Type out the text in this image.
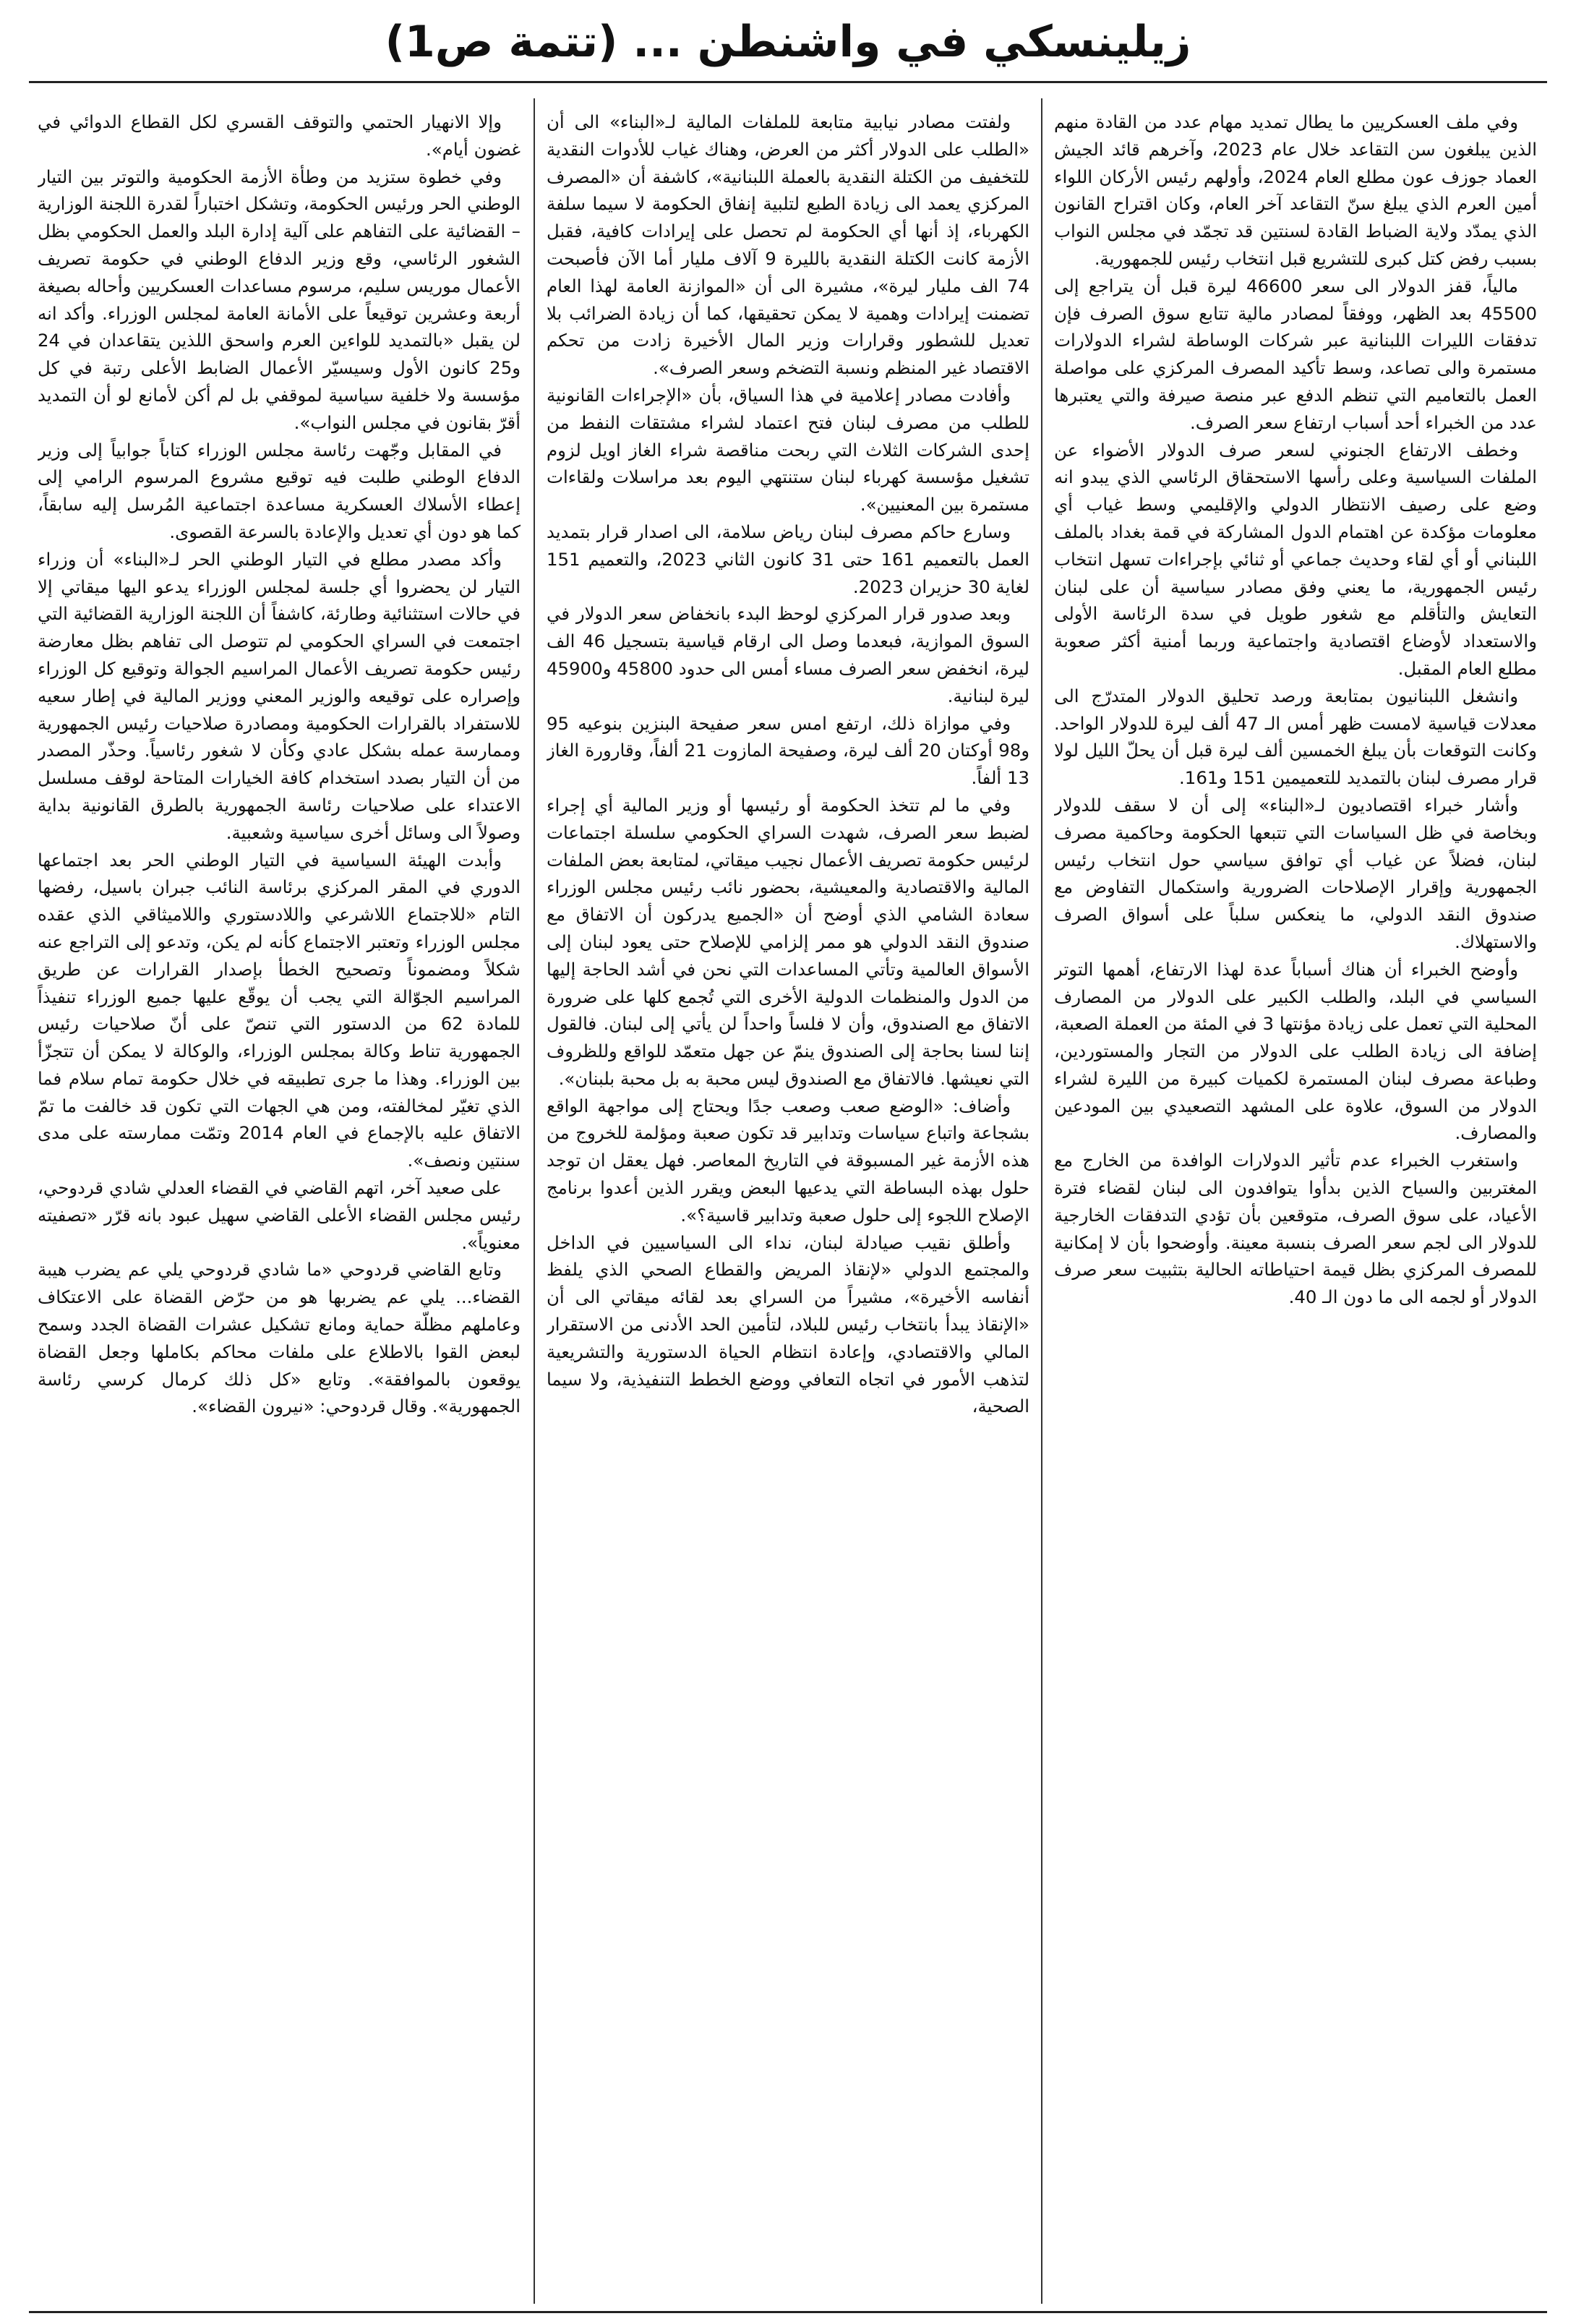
زيلينسكي في واشنطن ... (تتمة ص1)

وفي ملف العسكريين ما يطال تمديد مهام عدد من القادة منهم الذين يبلغون سن التقاعد خلال عام 2023، وآخرهم قائد الجيش العماد جوزف عون مطلع العام 2024، وأولهم رئيس الأركان اللواء أمين العرم الذي يبلغ سنّ التقاعد آخر العام، وكان اقتراح القانون الذي يمدّد ولاية الضباط القادة لسنتين قد تجمّد في مجلس النواب بسبب رفض كتل كبرى للتشريع قبل انتخاب رئيس للجمهورية.

مالياً، قفز الدولار الى سعر 46600 ليرة قبل أن يتراجع إلى 45500 بعد الظهر، ووفقاً لمصادر مالية تتابع سوق الصرف فإن تدفقات الليرات اللبنانية عبر شركات الوساطة لشراء الدولارات مستمرة والى تصاعد، وسط تأكيد المصرف المركزي على مواصلة العمل بالتعاميم التي تنظم الدفع عبر منصة صيرفة والتي يعتبرها عدد من الخبراء أحد أسباب ارتفاع سعر الصرف.

وخطف الارتفاع الجنوني لسعر صرف الدولار الأضواء عن الملفات السياسية وعلى رأسها الاستحقاق الرئاسي الذي يبدو انه وضع على رصيف الانتظار الدولي والإقليمي وسط غياب أي معلومات مؤكدة عن اهتمام الدول المشاركة في قمة بغداد بالملف اللبناني أو أي لقاء وحديث جماعي أو ثنائي بإجراءات تسهل انتخاب رئيس الجمهورية، ما يعني وفق مصادر سياسية أن على لبنان التعايش والتأقلم مع شغور طويل في سدة الرئاسة الأولى والاستعداد لأوضاع اقتصادية واجتماعية وربما أمنية أكثر صعوبة مطلع العام المقبل.

وانشغل اللبنانيون بمتابعة ورصد تحليق الدولار المتدرّج الى معدلات قياسية لامست ظهر أمس الـ 47 ألف ليرة للدولار الواحد. وكانت التوقعات بأن يبلغ الخمسين ألف ليرة قبل أن يحلّ الليل لولا قرار مصرف لبنان بالتمديد للتعميمين 151 و161.

وأشار خبراء اقتصاديون لـ«البناء» إلى أن لا سقف للدولار وبخاصة في ظل السياسات التي تتبعها الحكومة وحاكمية مصرف لبنان، فضلاً عن غياب أي توافق سياسي حول انتخاب رئيس الجمهورية وإقرار الإصلاحات الضرورية واستكمال التفاوض مع صندوق النقد الدولي، ما ينعكس سلباً على أسواق الصرف والاستهلاك.

وأوضح الخبراء أن هناك أسباباً عدة لهذا الارتفاع، أهمها التوتر السياسي في البلد، والطلب الكبير على الدولار من المصارف المحلية التي تعمل على زيادة مؤنتها 3 في المئة من العملة الصعبة، إضافة الى زيادة الطلب على الدولار من التجار والمستوردين، وطباعة مصرف لبنان المستمرة لكميات كبيرة من الليرة لشراء الدولار من السوق، علاوة على المشهد التصعيدي بين المودعين والمصارف.

واستغرب الخبراء عدم تأثير الدولارات الوافدة من الخارج مع المغتربين والسياح الذين بدأوا يتوافدون الى لبنان لقضاء فترة الأعياد، على سوق الصرف، متوقعين بأن تؤدي التدفقات الخارجية للدولار الى لجم سعر الصرف بنسبة معينة. وأوضحوا بأن لا إمكانية للمصرف المركزي بظل قيمة احتياطاته الحالية بتثبيت سعر صرف الدولار أو لجمه الى ما دون الـ 40.

ولفتت مصادر نيابية متابعة للملفات المالية لـ«البناء» الى أن «الطلب على الدولار أكثر من العرض، وهناك غياب للأدوات النقدية للتخفيف من الكتلة النقدية بالعملة اللبنانية»، كاشفة أن «المصرف المركزي يعمد الى زيادة الطبع لتلبية إنفاق الحكومة لا سيما سلفة الكهرباء، إذ أنها أي الحكومة لم تحصل على إيرادات كافية، فقبل الأزمة كانت الكتلة النقدية بالليرة 9 آلاف مليار أما الآن فأصبحت 74 الف مليار ليرة»، مشيرة الى أن «الموازنة العامة لهذا العام تضمنت إيرادات وهمية لا يمكن تحقيقها، كما أن زيادة الضرائب بلا تعديل للشطور وقرارات وزير المال الأخيرة زادت من تحكم الاقتصاد غير المنظم ونسبة التضخم وسعر الصرف».

وأفادت مصادر إعلامية في هذا السياق، بأن «الإجراءات القانونية للطلب من مصرف لبنان فتح اعتماد لشراء مشتقات النفط من إحدى الشركات الثلاث التي ربحت مناقصة شراء الغاز اويل لزوم تشغيل مؤسسة كهرباء لبنان ستنتهي اليوم بعد مراسلات ولقاءات مستمرة بين المعنيين».

وسارع حاكم مصرف لبنان رياض سلامة، الى اصدار قرار بتمديد العمل بالتعميم 161 حتى 31 كانون الثاني 2023، والتعميم 151 لغاية 30 حزيران 2023.

وبعد صدور قرار المركزي لوحظ البدء بانخفاض سعر الدولار في السوق الموازية، فبعدما وصل الى ارقام قياسية بتسجيل 46 الف ليرة، انخفض سعر الصرف مساء أمس الى حدود 45800 و45900 ليرة لبنانية.

وفي موازاة ذلك، ارتفع امس سعر صفيحة البنزين بنوعيه 95 و98 أوكتان 20 ألف ليرة، وصفيحة المازوت 21 ألفاً، وقارورة الغاز 13 ألفاً.

وفي ما لم تتخذ الحكومة أو رئيسها أو وزير المالية أي إجراء لضبط سعر الصرف، شهدت السراي الحكومي سلسلة اجتماعات لرئيس حكومة تصريف الأعمال نجيب ميقاتي، لمتابعة بعض الملفات المالية والاقتصادية والمعيشية، بحضور نائب رئيس مجلس الوزراء سعادة الشامي الذي أوضح أن «الجميع يدركون أن الاتفاق مع صندوق النقد الدولي هو ممر إلزامي للإصلاح حتى يعود لبنان إلى الأسواق العالمية وتأتي المساعدات التي نحن في أشد الحاجة إليها من الدول والمنظمات الدولية الأخرى التي تُجمع كلها على ضرورة الاتفاق مع الصندوق، وأن لا فلساً واحداً لن يأتي إلى لبنان. فالقول إننا لسنا بحاجة إلى الصندوق ينمّ عن جهل متعمّد للواقع وللظروف التي نعيشها. فالاتفاق مع الصندوق ليس محبة به بل محبة بلبنان».

وأضاف: «الوضع صعب وصعب جدًا ويحتاج إلى مواجهة الواقع بشجاعة واتباع سياسات وتدابير قد تكون صعبة ومؤلمة للخروج من هذه الأزمة غير المسبوقة في التاريخ المعاصر. فهل يعقل ان توجد حلول بهذه البساطة التي يدعيها البعض ويقرر الذين أعدوا برنامج الإصلاح اللجوء إلى حلول صعبة وتدابير قاسية؟».

وأطلق نقيب صيادلة لبنان، نداء الى السياسيين في الداخل والمجتمع الدولي «لإنقاذ المريض والقطاع الصحي الذي يلفظ أنفاسه الأخيرة»، مشيراً من السراي بعد لقائه ميقاتي الى أن «الإنقاذ يبدأ بانتخاب رئيس للبلاد، لتأمين الحد الأدنى من الاستقرار المالي والاقتصادي، وإعادة انتظام الحياة الدستورية والتشريعية لتذهب الأمور في اتجاه التعافي ووضع الخطط التنفيذية، ولا سيما الصحية،

وإلا الانهيار الحتمي والتوقف القسري لكل القطاع الدوائي في غضون أيام».

وفي خطوة ستزيد من وطأة الأزمة الحكومية والتوتر بين التيار الوطني الحر ورئيس الحكومة، وتشكل اختباراً لقدرة اللجنة الوزارية – القضائية على التفاهم على آلية إدارة البلد والعمل الحكومي بظل الشغور الرئاسي، وقع وزير الدفاع الوطني في حكومة تصريف الأعمال موريس سليم، مرسوم مساعدات العسكريين وأحاله بصيغة أربعة وعشرين توقيعاً على الأمانة العامة لمجلس الوزراء. وأكد انه لن يقبل «بالتمديد للواءين العرم واسحق اللذين يتقاعدان في 24 و25 كانون الأول وسيسيّر الأعمال الضابط الأعلى رتبة في كل مؤسسة ولا خلفية سياسية لموقفي بل لم أكن لأمانع لو أن التمديد أقرّ بقانون في مجلس النواب».

في المقابل وجّهت رئاسة مجلس الوزراء كتاباً جوابياً إلى وزير الدفاع الوطني طلبت فيه توقيع مشروع المرسوم الرامي إلى إعطاء الأسلاك العسكرية مساعدة اجتماعية المُرسل إليه سابقاً، كما هو دون أي تعديل والإعادة بالسرعة القصوى.

وأكد مصدر مطلع في التيار الوطني الحر لـ«البناء» أن وزراء التيار لن يحضروا أي جلسة لمجلس الوزراء يدعو اليها ميقاتي إلا في حالات استثنائية وطارئة، كاشفاً أن اللجنة الوزارية القضائية التي اجتمعت في السراي الحكومي لم تتوصل الى تفاهم بظل معارضة رئيس حكومة تصريف الأعمال المراسيم الجوالة وتوقيع كل الوزراء وإصراره على توقيعه والوزير المعني ووزير المالية في إطار سعيه للاستفراد بالقرارات الحكومية ومصادرة صلاحيات رئيس الجمهورية وممارسة عمله بشكل عادي وكأن لا شغور رئاسياً. وحذّر المصدر من أن التيار بصدد استخدام كافة الخيارات المتاحة لوقف مسلسل الاعتداء على صلاحيات رئاسة الجمهورية بالطرق القانونية بداية وصولاً الى وسائل أخرى سياسية وشعبية.

وأبدت الهيئة السياسية في التيار الوطني الحر بعد اجتماعها الدوري في المقر المركزي برئاسة النائب جبران باسيل، رفضها التام «للاجتماع اللاشرعي واللادستوري واللاميثاقي الذي عقده مجلس الوزراء وتعتبر الاجتماع كأنه لم يكن، وتدعو إلى التراجع عنه شكلاً ومضموناً وتصحيح الخطأ بإصدار القرارات عن طريق المراسيم الجوّالة التي يجب أن يوقّع عليها جميع الوزراء تنفيذاً للمادة 62 من الدستور التي تنصّ على أنّ صلاحيات رئيس الجمهورية تناط وكالة بمجلس الوزراء، والوكالة لا يمكن أن تتجزّأ بين الوزراء. وهذا ما جرى تطبيقه في خلال حكومة تمام سلام فما الذي تغيّر لمخالفته، ومن هي الجهات التي تكون قد خالفت ما تمّ الاتفاق عليه بالإجماع في العام 2014 وتمّت ممارسته على مدى سنتين ونصف».

على صعيد آخر، اتهم القاضي في القضاء العدلي شادي قردوحي، رئيس مجلس القضاء الأعلى القاضي سهيل عبود بانه قرّر «تصفيته معنوياً».

وتابع القاضي قردوحي «ما شادي قردوحي يلي عم يضرب هيبة القضاء... يلي عم يضربها هو من حرّض القضاة على الاعتكاف وعاملهم مظلّة حماية ومانع تشكيل عشرات القضاة الجدد وسمح لبعض القوا بالاطلاع على ملفات محاكم بكاملها وجعل القضاة يوقعون بالموافقة». وتابع «كل ذلك كرمال كرسي رئاسة الجمهورية». وقال قردوحي: «نيرون القضاء».
